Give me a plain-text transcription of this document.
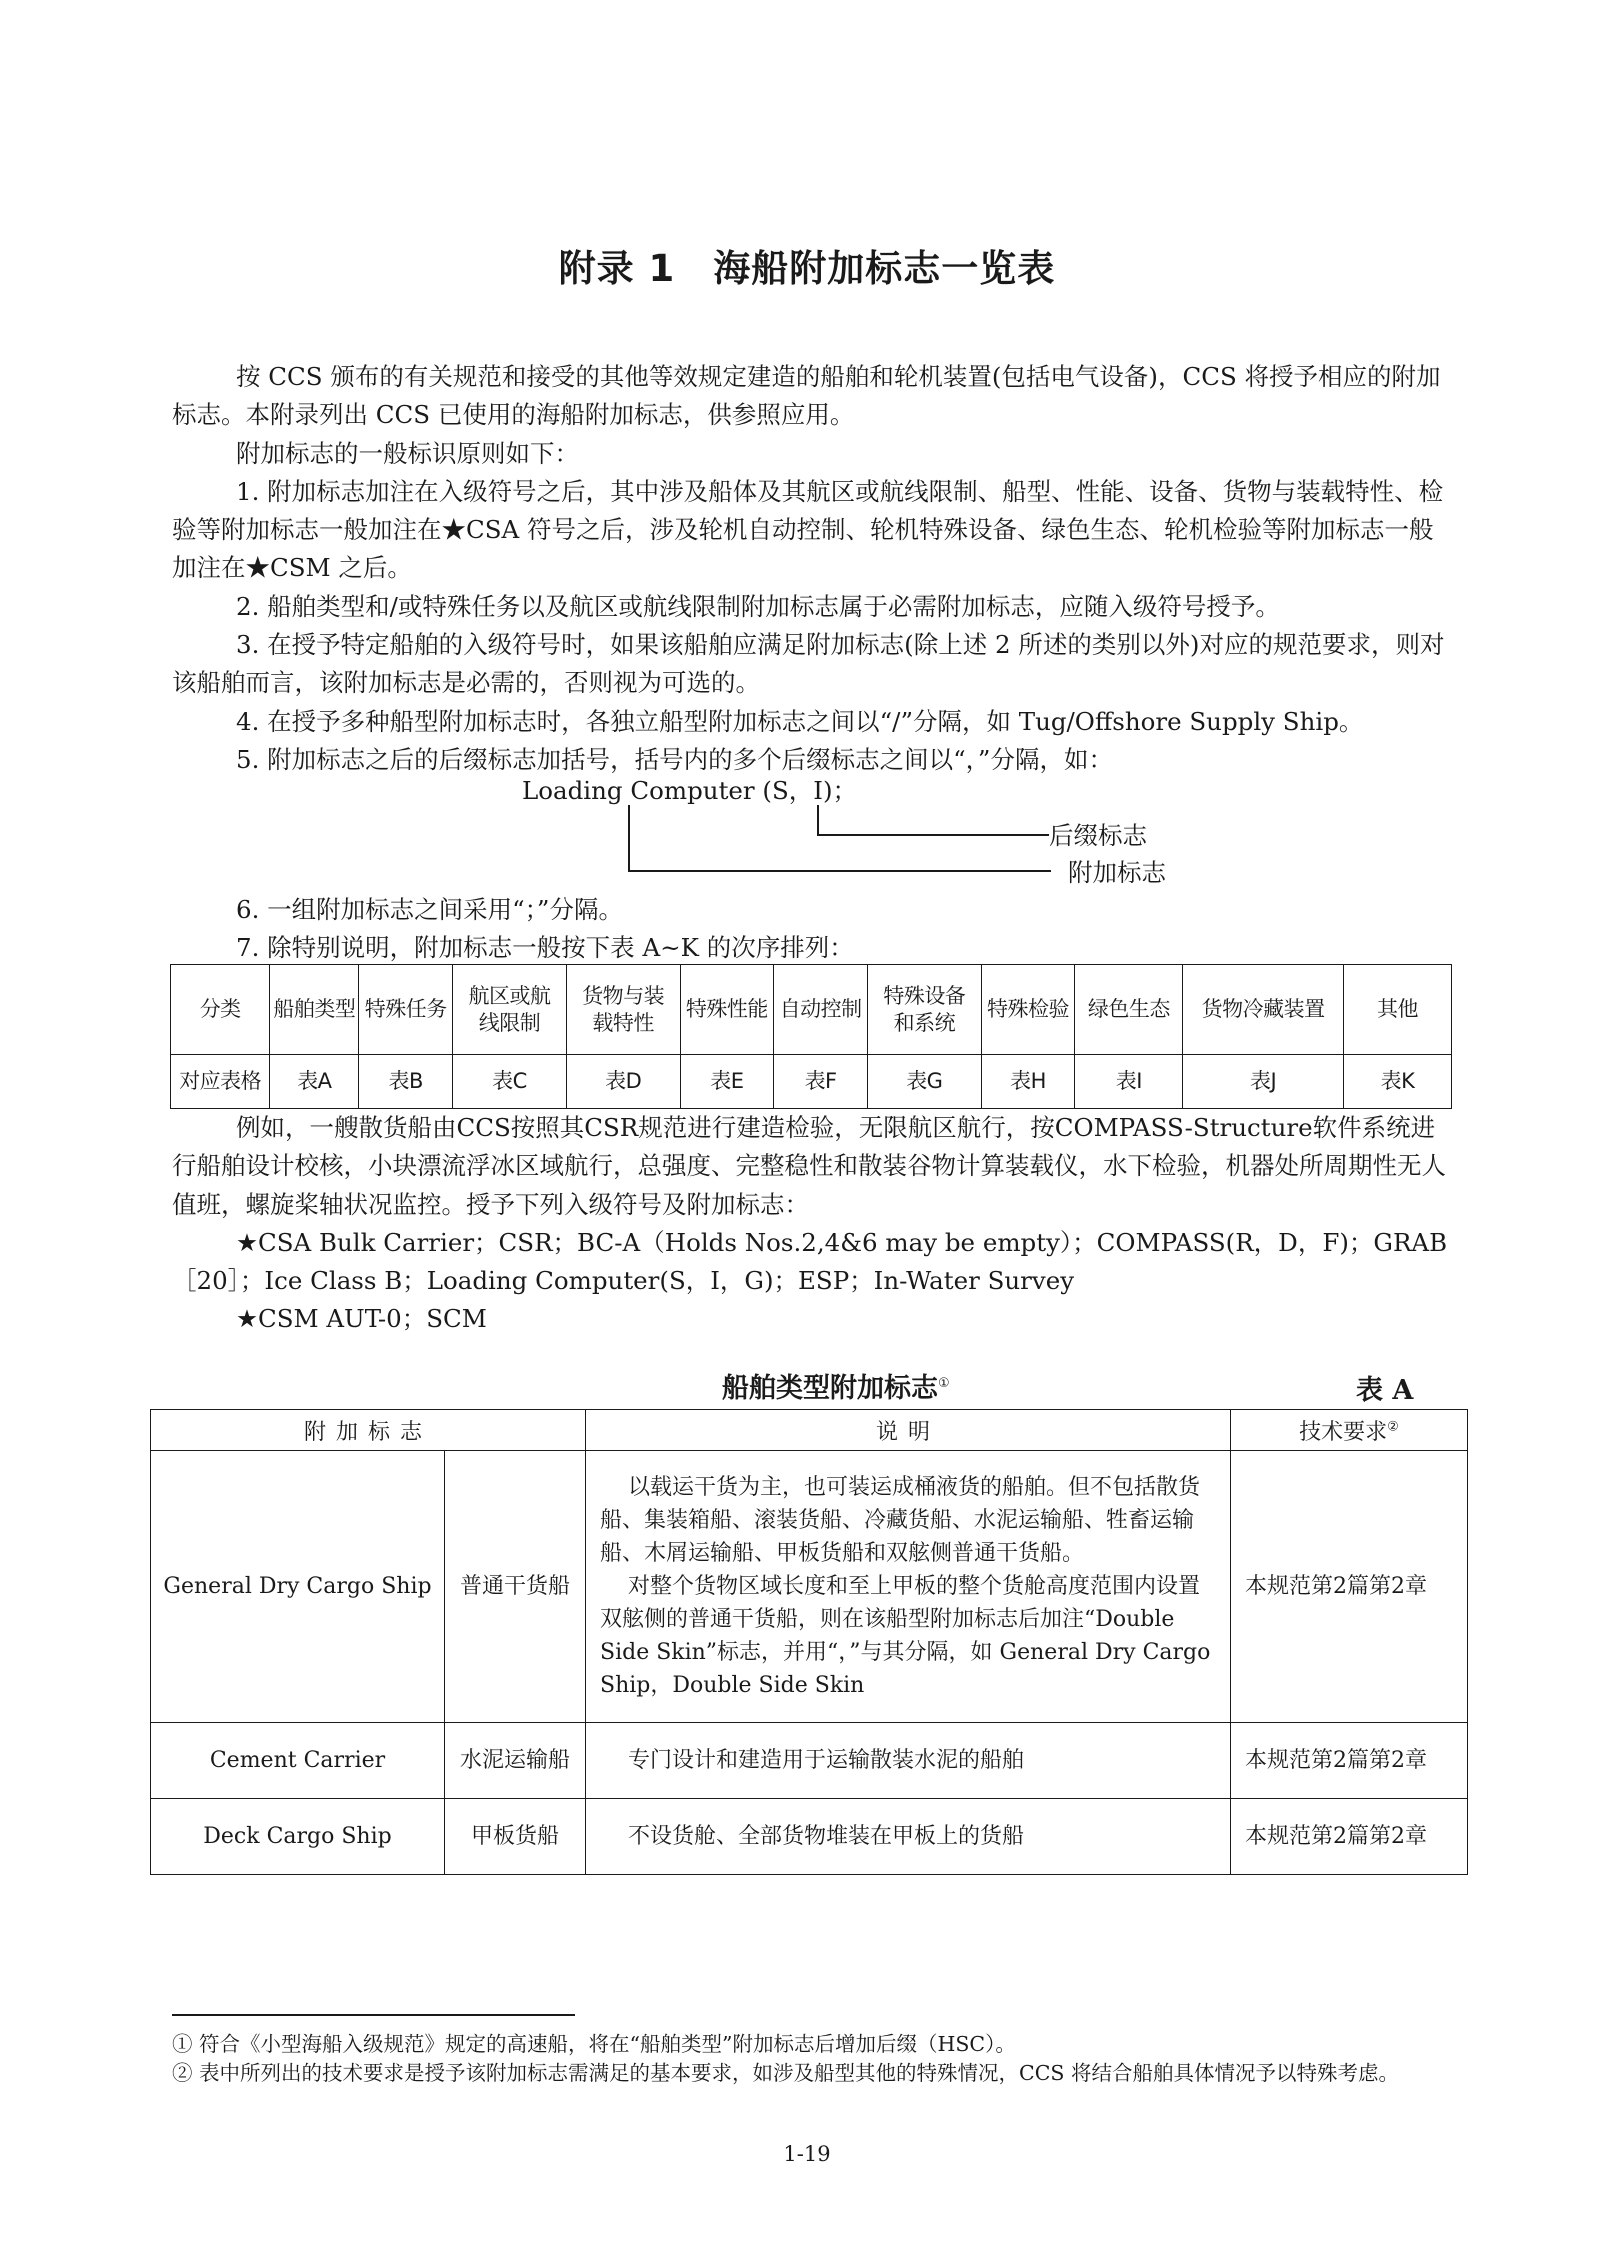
附录 1　海船附加标志一览表

按 CCS 颁布的有关规范和接受的其他等效规定建造的船舶和轮机装置(包括电气设备)，CCS 将授予相应的附加标志。本附录列出 CCS 已使用的海船附加标志，供参照应用。

附加标志的一般标识原则如下：

1. 附加标志加注在入级符号之后，其中涉及船体及其航区或航线限制、船型、性能、设备、货物与装载特性、检验等附加标志一般加注在★CSA 符号之后，涉及轮机自动控制、轮机特殊设备、绿色生态、轮机检验等附加标志一般加注在★CSM 之后。

2. 船舶类型和/或特殊任务以及航区或航线限制附加标志属于必需附加标志，应随入级符号授予。

3. 在授予特定船舶的入级符号时，如果该船舶应满足附加标志(除上述 2 所述的类别以外)对应的规范要求，则对该船舶而言，该附加标志是必需的，否则视为可选的。

4. 在授予多种船型附加标志时，各独立船型附加标志之间以“/”分隔，如 Tug/Offshore Supply Ship。

5. 附加标志之后的后缀标志加括号，括号内的多个后缀标志之间以“，”分隔，如：

Loading Computer (S，I)；
后缀标志
附加标志

6. 一组附加标志之间采用“；”分隔。

7. 除特别说明，附加标志一般按下表 A~K 的次序排列：

分类	船舶类型	特殊任务	航区或航线限制	货物与装载特性	特殊性能	自动控制	特殊设备和系统	特殊检验	绿色生态	货物冷藏装置	其他
对应表格	表A	表B	表C	表D	表E	表F	表G	表H	表I	表J	表K

例如，一艘散货船由CCS按照其CSR规范进行建造检验，无限航区航行，按COMPASS-Structure软件系统进行船舶设计校核，小块漂流浮冰区域航行，总强度、完整稳性和散装谷物计算装载仪，水下检验，机器处所周期性无人值班，螺旋桨轴状况监控。授予下列入级符号及附加标志：

★CSA Bulk Carrier；CSR；BC-A（Holds Nos.2,4&6 may be empty）；COMPASS(R，D，F)；GRAB［20］；Ice Class B；Loading Computer(S，I，G)；ESP；In-Water Survey

★CSM AUT-0；SCM

船舶类型附加标志①	表 A
附加标志		说明	技术要求②
General Dry Cargo Ship	普通干货船	以载运干货为主，也可装运成桶液货的船舶。但不包括散货船、集装箱船、滚装货船、冷藏货船、水泥运输船、牲畜运输船、木屑运输船、甲板货船和双舷侧普通干货船。

对整个货物区域长度和至上甲板的整个货舱高度范围内设置双舷侧的普通干货船，则在该船型附加标志后加注“Double Side Skin”标志，并用“，”与其分隔，如 General Dry Cargo Ship，Double Side Skin	本规范第2篇第2章
Cement Carrier	水泥运输船	专门设计和建造用于运输散装水泥的船舶	本规范第2篇第2章
Deck Cargo Ship	甲板货船	不设货舱、全部货物堆装在甲板上的货船	本规范第2篇第2章

① 符合《小型海船入级规范》规定的高速船，将在“船舶类型”附加标志后增加后缀（HSC）。

② 表中所列出的技术要求是授予该附加标志需满足的基本要求，如涉及船型其他的特殊情况，CCS 将结合船舶具体情况予以特殊考虑。

1-19
